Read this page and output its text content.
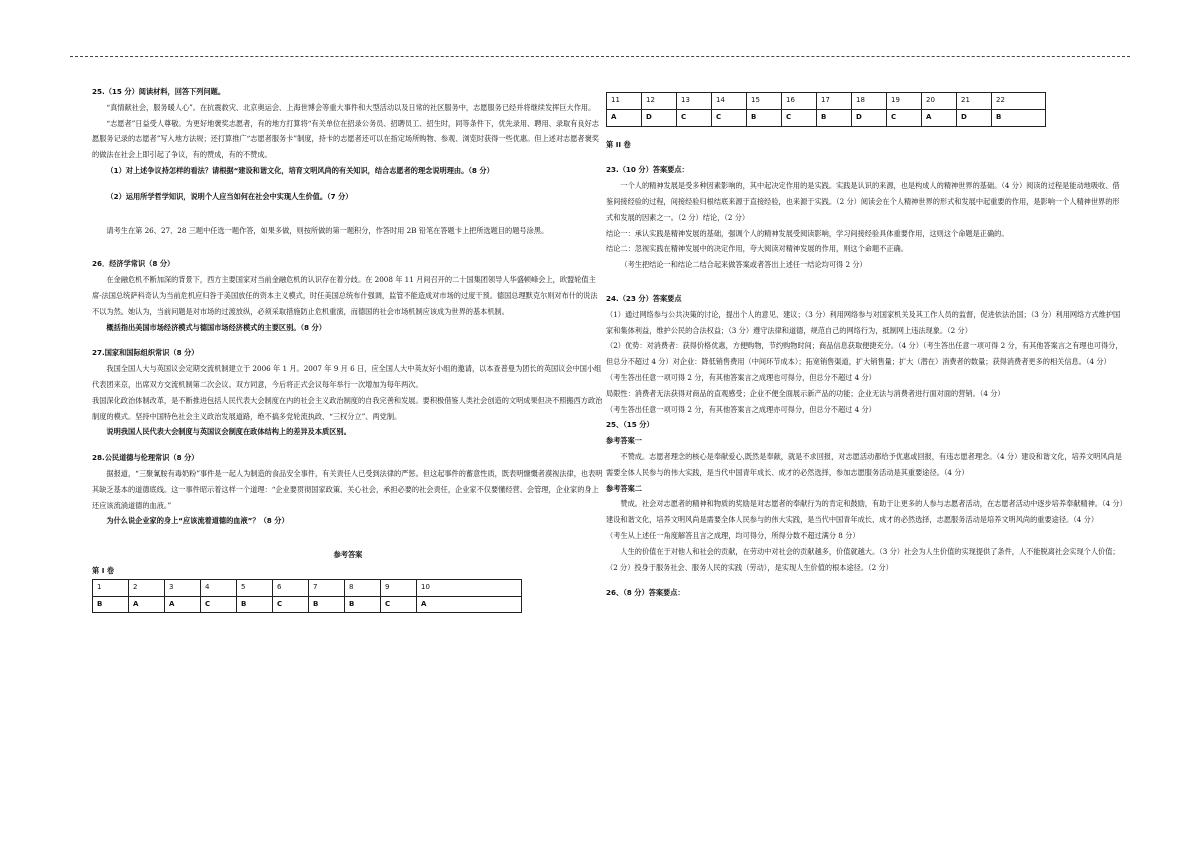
25.（15 分）阅读材料，回答下列问题。
“真情献社会，服务暖人心”。在抗震救灾、北京奥运会、上海世博会等重大事件和大型活动以及日常的社区服务中，志愿服务已经并将继续发挥巨大作用。
“志愿者”日益受人尊敬。为更好地褒奖志愿者，有的地方打算将“有关单位在招录公务员、招聘员工、招生时，同等条件下，优先录用、聘用、录取有良好志愿服务记录的志愿者”写入地方法规；还打算推广“志愿者服务卡”制度，持卡的志愿者还可以在指定场所购物、参观、浏览时获得一些优惠。但上述对志愿者褒奖的做法在社会上即引起了争议，有的赞成，有的不赞成。
（1）对上述争议持怎样的看法？请根据“建设和谐文化，培育文明风尚的有关知识，结合志愿者的理念说明理由。（8 分）
（2）运用所学哲学知识，说明个人应当如何在社会中实现人生价值。（7 分）
请考生在第 26、27、28 三题中任选一题作答，如果多做，则按所做的第一题积分，作答时用 2B 铅笔在答题卡上把所选题目的题号涂黑。
26．经济学常识（8 分）
在金融危机不断加深的背景下，西方主要国家对当前金融危机的认识存在着分歧。在 2008 年 11 月间召开的二十国集团领导人华盛顿峰会上，欧盟轮值主席-法国总统萨科奇认为当前危机应归咎于美国放任的资本主义模式，时任美国总统布什强调，监管不能造成对市场的过度干预。德国总理默克尔则对布什的说法不以为然。她认为，当前问题是对市场的过渡放纵，必须采取措施防止危机重演，而德国的社会市场机制应该成为世界的基本机制。
概括指出美国市场经济模式与德国市场经济模式的主要区别。（8 分）
27.国家和国际组织常识（8 分）
我国全国人大与英国议会定期交流机制建立于 2006 年 1 月。2007 年 9 月 6 日，应全国人大中英友好小组的邀请，以本查普曼为团长的英国议会中国小组代表团来京，出席双方交流机制第二次会议。双方同意，今后将正式会议每年举行一次增加为每年两次。
我国深化政治体制改革，是不断推进包括人民代表大会制度在内的社会主义政治制度的自我完善和发展。要积极借鉴人类社会创造的文明成果但决不照搬西方政治制度的模式。坚持中国特色社会主义政治发展道路，绝不搞多党轮流执政、“三权分立”、两党制。
说明我国人民代表大会制度与英国议会制度在政体结构上的差异及本质区别。
28.公民道德与伦理常识（8 分）
据报道，“三聚氰胺有毒奶粉”事件是一起人为制造的食品安全事件，有关责任人已受到法律的严惩。但这起事件的蓄意性质，既表明慷慨者漠视法律，也表明其缺乏基本的道德底线。这一事件昭示着这样一个道理：“企业要贯彻国家政策、关心社会，承担必要的社会责任，企业家不仅要懂经营、会管理，企业家的身上还应该流淌道德的血液。”
为什么说企业家的身上“应该流着道德的血液”？（8 分）
参考答案
第 I 卷
1	2	3	4	5	6	7	8	9	10
B	A	A	C	B	C	B	B	C	A
11	12	13	14	15	16	17	18	19	20	21	22
A	D	C	C	B	C	B	D	C	A	D	B
第 II 卷
23.（10 分）答案要点：
一个人的精神发展是受多种因素影响的，其中起决定作用的是实践。实践是认识的来源，也是构成人的精神世界的基础。（4 分）阅读的过程是能动地吸收、借鉴间接经验的过程，间接经验归根结底来源于直接经验，也来源于实践。（2 分）阅读会在个人精神世界的形式和发展中起重要的作用，是影响一个人精神世界的形式和发展的因素之一。（2 分）结论，（2 分）
结论一：承认实践是精神发展的基础，强调个人的精神发展受阅读影响，学习间接经验具体重要作用，这则这个命题是正确的。
结论二：忽视实践在精神发展中的决定作用，夸大阅读对精神发展的作用，则这个命题不正确。
（考生把结论一和结论二结合起来做答案或者答出上述任一结论均可得 2 分）
24.（23 分）答案要点
（1）通过网络参与公共决策的讨论，提出个人的意见、建议；（3 分）利用网络参与对国家机关及其工作人员的监督，促进依法治国；（3 分）利用网络方式维护国家和集体利益，维护公民的合法权益；（3 分）遵守法律和道德，规范自己的网络行为，抵制网上违法现象。（2 分）
（2）优势：对消费者：获得价格优惠，方便购物，节约购物时间；商品信息获取便捷充分。（4 分）（考生答出任意一项可得 2 分，有其他答案言之有理也可得分，但总分不超过 4 分）对企业：降低销售费用（中间环节成本）；拓宽销售渠道，扩大销售量；扩大（潜在）消费者的数量；获得消费者更多的相关信息。（4 分）
（考生答出任意一项可得 2 分，有其他答案言之成理也可得分，但总分不超过 4 分）
局限性：消费者无法获得对商品的直观感受；企业不便全面展示新产品的功能；企业无法与消费者进行面对面的营销。（4 分）
（考生答出任意一项可得 2 分，有其他答案言之成理亦可得分，但总分不超过 4 分）
25、（15 分）
参考答案一
不赞成。志愿者理念的核心是奉献爱心,既然是奉献，就是不求回报，对志愿活动都给予优惠或回报，有违志愿者理念。（4 分）建设和谐文化，培养文明风尚是需要全体人民参与的伟大实践，是当代中国青年成长、成才的必然选择，参加志愿服务活动是其重要途径。（4 分）
参考答案二
赞成。社会对志愿者的精神和物质的奖励是对志愿者的奉献行为的肯定和鼓励，有助于让更多的人参与志愿者活动，在志愿者活动中逐步培养奉献精神。（4 分）建设和谐文化，培养文明风尚是需要全体人民参与的伟大实践，是当代中国青年成长、成才的必然选择，志愿服务活动是培养文明风尚的重要途径。（4 分）
（考生从上述任一角度解答且言之成理，均可得分，所得分数不超过满分 8 分）
人生的价值在于对他人和社会的贡献，在劳动中对社会的贡献越多，价值就越大。（3 分）社会为人生价值的实现提供了条件，人不能脱离社会实现个人价值；（2 分）投身于服务社会、服务人民的实践（劳动），是实现人生价值的根本途径。（2 分）
26、（8 分）答案要点：
